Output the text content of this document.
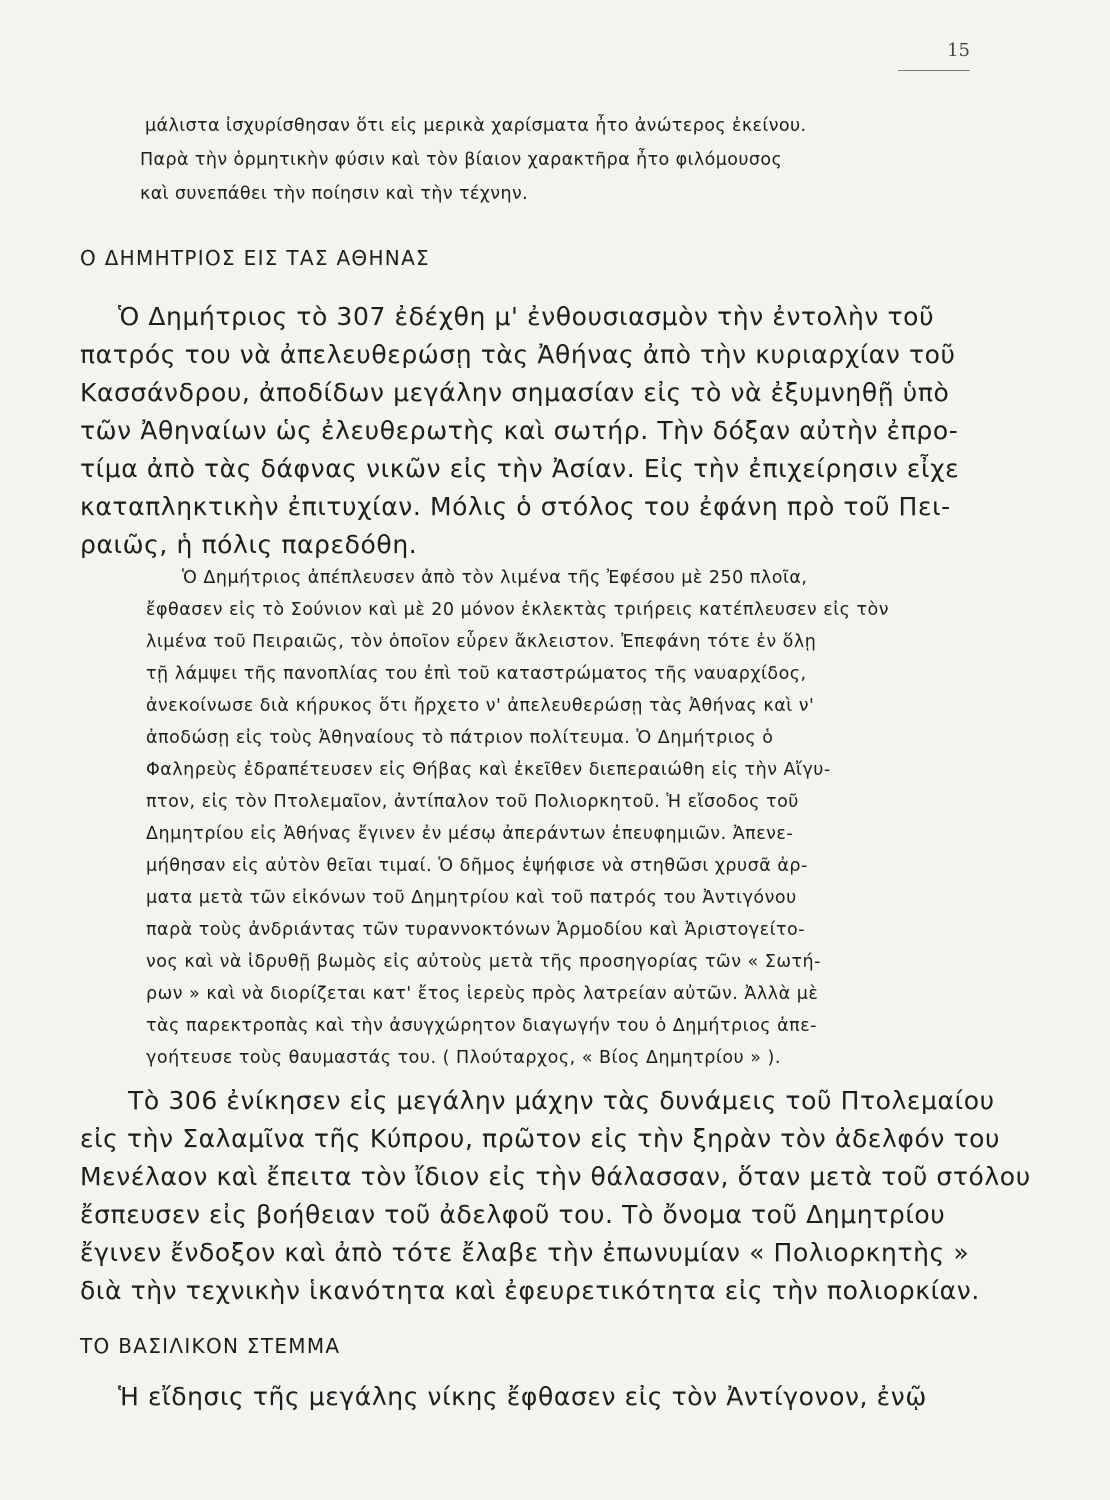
15

μάλιστα ἰσχυρίσθησαν ὅτι εἰς μερικὰ χαρίσματα ἦτο ἀνώτερος ἐκείνου.

Παρὰ τὴν ὁρμητικὴν φύσιν καὶ τὸν βίαιον χαρακτῆρα ἦτο φιλόμουσος

καὶ συνεπάθει τὴν ποίησιν καὶ τὴν τέχνην.

Ο ΔΗΜΗΤΡΙΟΣ ΕΙΣ ΤΑΣ ΑΘΗΝΑΣ

Ὁ Δημήτριος τὸ 307 ἐδέχθη μ' ἐνθουσιασμὸν τὴν ἐντολὴν τοῦ

πατρός του νὰ ἀπελευθερώσῃ τὰς Ἀθήνας ἀπὸ τὴν κυριαρχίαν τοῦ

Κασσάνδρου, ἀποδίδων μεγάλην σημασίαν εἰς τὸ νὰ ἐξυμνηθῇ ὑπὸ

τῶν Ἀθηναίων ὡς ἐλευθερωτὴς καὶ σωτήρ. Τὴν δόξαν αὐτὴν ἐπρο-

τίμα ἀπὸ τὰς δάφνας νικῶν εἰς τὴν Ἀσίαν. Εἰς τὴν ἐπιχείρησιν εἶχε

καταπληκτικὴν ἐπιτυχίαν. Μόλις ὁ στόλος του ἐφάνη πρὸ τοῦ Πει-

ραιῶς, ἡ πόλις παρεδόθη.

Ὁ Δημήτριος ἀπέπλευσεν ἀπὸ τὸν λιμένα τῆς Ἐφέσου μὲ 250 πλοῖα,

ἔφθασεν εἰς τὸ Σούνιον καὶ μὲ 20 μόνον ἐκλεκτὰς τριήρεις κατέπλευσεν εἰς τὸν

λιμένα τοῦ Πειραιῶς, τὸν ὁποῖον εὗρεν ἄκλειστον. Ἐπεφάνη τότε ἐν ὅλῃ

τῇ λάμψει τῆς πανοπλίας του ἐπὶ τοῦ καταστρώματος τῆς ναυαρχίδος,

ἀνεκοίνωσε διὰ κήρυκος ὅτι ἤρχετο ν' ἀπελευθερώσῃ τὰς Ἀθήνας καὶ ν'

ἀποδώσῃ εἰς τοὺς Ἀθηναίους τὸ πάτριον πολίτευμα. Ὁ Δημήτριος ὁ

Φαληρεὺς ἐδραπέτευσεν εἰς Θήβας καὶ ἐκεῖθεν διεπεραιώθη εἰς τὴν Αἴγυ-

πτον, εἰς τὸν Πτολεμαῖον, ἀντίπαλον τοῦ Πολιορκητοῦ. Ἡ εἴσοδος τοῦ

Δημητρίου εἰς Ἀθήνας ἔγινεν ἐν μέσῳ ἀπεράντων ἐπευφημιῶν. Ἀπενε-

μήθησαν εἰς αὐτὸν θεῖαι τιμαί. Ὁ δῆμος ἐψήφισε νὰ στηθῶσι χρυσᾶ ἀρ-

ματα μετὰ τῶν εἰκόνων τοῦ Δημητρίου καὶ τοῦ πατρός του Ἀντιγόνου

παρὰ τοὺς ἀνδριάντας τῶν τυραννοκτόνων Ἁρμοδίου καὶ Ἀριστογείτο-

νος καὶ νὰ ἱδρυθῇ βωμὸς εἰς αὐτοὺς μετὰ τῆς προσηγορίας τῶν « Σωτή-

ρων » καὶ νὰ διορίζεται κατ' ἔτος ἱερεὺς πρὸς λατρείαν αὐτῶν. Ἀλλὰ μὲ

τὰς παρεκτροπὰς καὶ τὴν ἀσυγχώρητον διαγωγήν του ὁ Δημήτριος ἀπε-

γοήτευσε τοὺς θαυμαστάς του. ( Πλούταρχος, « Βίος Δημητρίου » ).

Τὸ 306 ἐνίκησεν εἰς μεγάλην μάχην τὰς δυνάμεις τοῦ Πτολεμαίου

εἰς τὴν Σαλαμῖνα τῆς Κύπρου, πρῶτον εἰς τὴν ξηρὰν τὸν ἀδελφόν του

Μενέλαον καὶ ἔπειτα τὸν ἴδιον εἰς τὴν θάλασσαν, ὅταν μετὰ τοῦ στόλου

ἔσπευσεν εἰς βοήθειαν τοῦ ἀδελφοῦ του. Τὸ ὄνομα τοῦ Δημητρίου

ἔγινεν ἔνδοξον καὶ ἀπὸ τότε ἔλαβε τὴν ἐπωνυμίαν « Πολιορκητὴς »

διὰ τὴν τεχνικὴν ἱκανότητα καὶ ἐφευρετικότητα εἰς τὴν πολιορκίαν.

ΤΟ ΒΑΣΙΛΙΚΟΝ ΣΤΕΜΜΑ

Ἡ εἴδησις τῆς μεγάλης νίκης ἔφθασεν εἰς τὸν Ἀντίγονον, ἐνῷ
